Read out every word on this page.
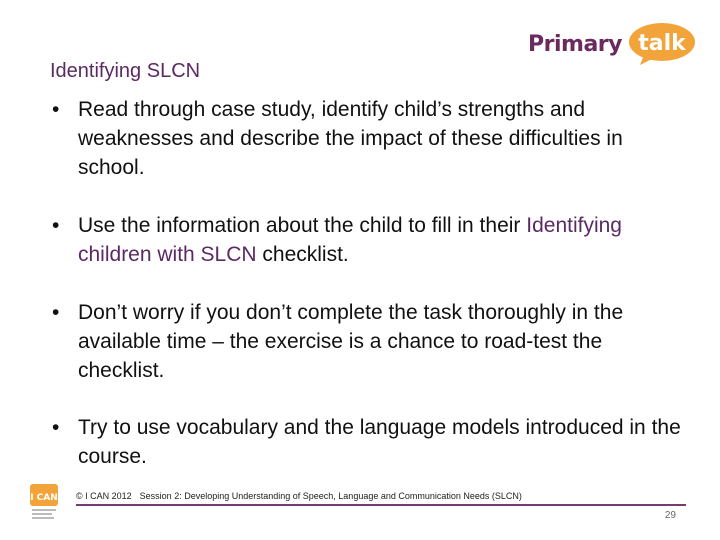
Primary talk
Identifying SLCN
• Read through case study, identify child’s strengths and weaknesses and describe the impact of these difficulties in school.
• Use the information about the child to fill in their Identifying children with SLCN checklist.
• Don’t worry if you don’t complete the task thoroughly in the available time – the exercise is a chance to road-test the checklist.
• Try to use vocabulary and the language models introduced in the course.
I CAN © I CAN 2012 Session 2: Developing Understanding of Speech, Language and Communication Needs (SLCN)
29
